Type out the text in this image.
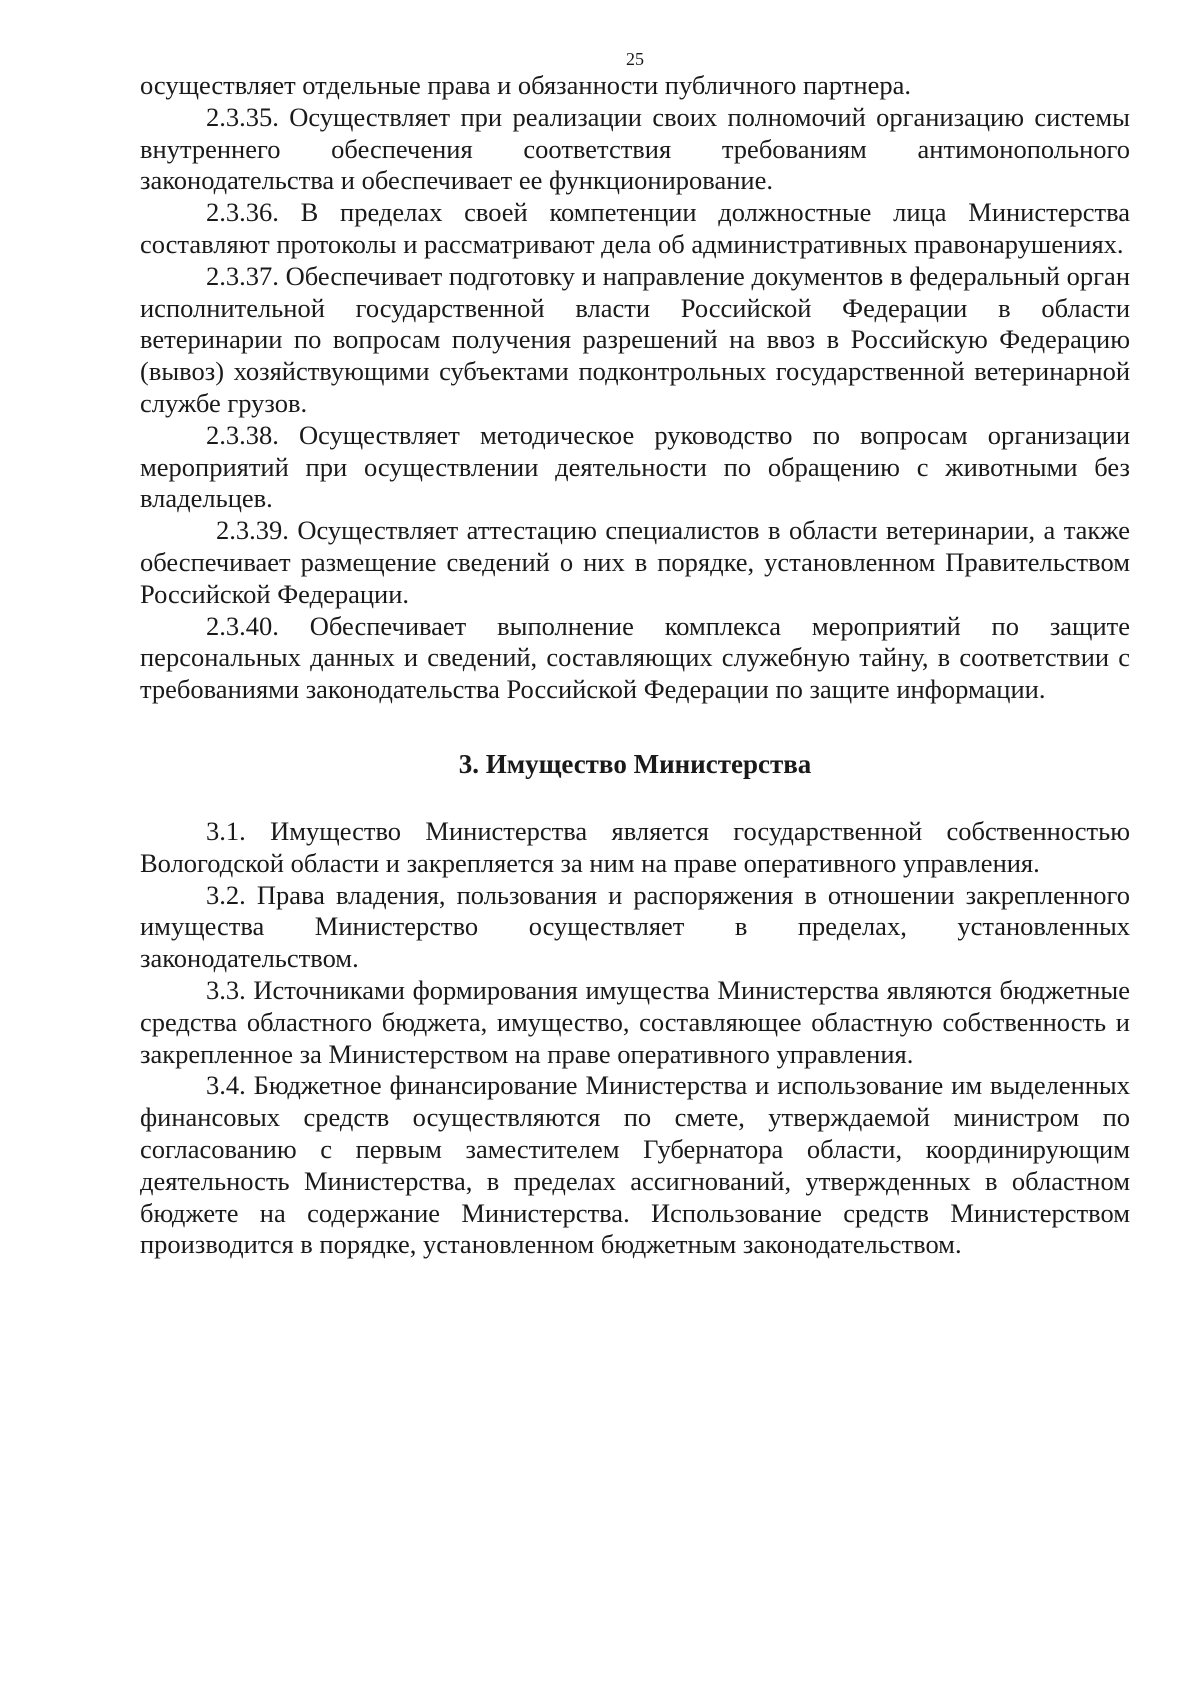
25

осуществляет отдельные права и обязанности публичного партнера.

2.3.35. Осуществляет при реализации своих полномочий организацию системы внутреннего обеспечения соответствия требованиям антимонопольного законодательства и обеспечивает ее функционирование.

2.3.36. В пределах своей компетенции должностные лица Министерства составляют протоколы и рассматривают дела об административных правонарушениях.

2.3.37. Обеспечивает подготовку и направление документов в федеральный орган исполнительной государственной власти Российской Федерации в области ветеринарии по вопросам получения разрешений на ввоз в Российскую Федерацию (вывоз) хозяйствующими субъектами подконтрольных государственной ветеринарной службе грузов.

2.3.38. Осуществляет методическое руководство по вопросам организации мероприятий при осуществлении деятельности по обращению с животными без владельцев.

2.3.39. Осуществляет аттестацию специалистов в области ветеринарии, а также обеспечивает размещение сведений о них в порядке, установленном Правительством Российской Федерации.

2.3.40. Обеспечивает выполнение комплекса мероприятий по защите персональных данных и сведений, составляющих служебную тайну, в соответствии с требованиями законодательства Российской Федерации по защите информации.

3. Имущество Министерства

3.1. Имущество Министерства является государственной собственностью Вологодской области и закрепляется за ним на праве оперативного управления.

3.2. Права владения, пользования и распоряжения в отношении закрепленного имущества Министерство осуществляет в пределах, установленных законодательством.

3.3. Источниками формирования имущества Министерства являются бюджетные средства областного бюджета, имущество, составляющее областную собственность и закрепленное за Министерством на праве оперативного управления.

3.4. Бюджетное финансирование Министерства и использование им выделенных финансовых средств осуществляются по смете, утверждаемой министром по согласованию с первым заместителем Губернатора области, координирующим деятельность Министерства, в пределах ассигнований, утвержденных в областном бюджете на содержание Министерства. Использование средств Министерством производится в порядке, установленном бюджетным законодательством.
